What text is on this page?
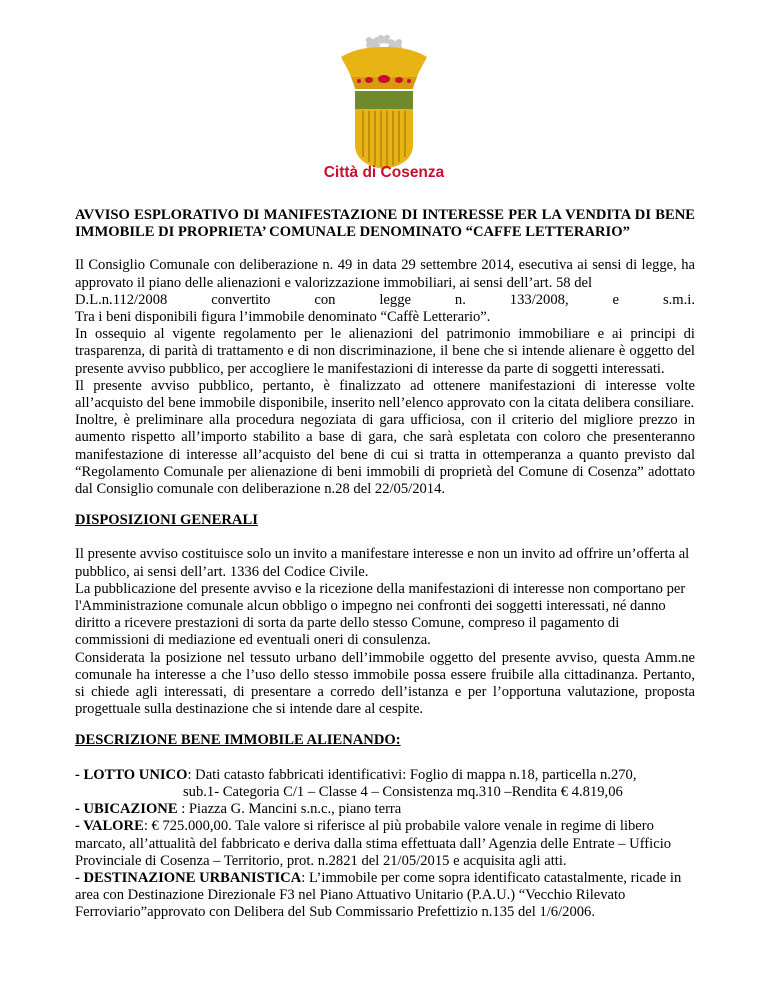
Città di Cosenza

AVVISO ESPLORATIVO DI MANIFESTAZIONE DI INTERESSE PER LA VENDITA DI BENE IMMOBILE DI PROPRIETA’ COMUNALE DENOMINATO “CAFFE LETTERARIO”

Il Consiglio Comunale con deliberazione n. 49 in data 29 settembre 2014, esecutiva ai sensi di legge, ha approvato il piano delle alienazioni e valorizzazione immobiliari, ai sensi dell’art. 58 del

D.L.n.112/2008 convertito con legge n. 133/2008, e s.m.i.

Tra i beni disponibili figura l’immobile denominato “Caffè Letterario”.

In ossequio al vigente regolamento per le alienazioni del patrimonio immobiliare e ai principi di trasparenza, di parità di trattamento e di non discriminazione, il bene che si intende alienare è oggetto del presente avviso pubblico, per accogliere le manifestazioni di interesse da parte di soggetti interessati.

Il presente avviso pubblico, pertanto, è finalizzato ad ottenere manifestazioni di interesse volte all’acquisto del bene immobile disponibile, inserito nell’elenco approvato con la citata delibera consiliare.

Inoltre, è preliminare alla procedura negoziata di gara ufficiosa, con il criterio del migliore prezzo in aumento rispetto all’importo stabilito a base di gara, che sarà espletata con coloro che presenteranno manifestazione di interesse all’acquisto del bene di cui si tratta in ottemperanza a quanto previsto dal “Regolamento Comunale per alienazione di beni immobili di proprietà del Comune di Cosenza” adottato dal Consiglio comunale con deliberazione n.28 del 22/05/2014.

DISPOSIZIONI GENERALI

Il presente avviso costituisce solo un invito a manifestare interesse e non un invito ad offrire un’offerta al pubblico, ai sensi dell’art. 1336 del Codice Civile.

La pubblicazione del presente avviso e la ricezione della manifestazioni di interesse non comportano per l'Amministrazione comunale alcun obbligo o impegno nei confronti dei soggetti interessati, né danno diritto a ricevere prestazioni di sorta da parte dello stesso Comune, compreso il pagamento di commissioni di mediazione ed eventuali oneri di consulenza.

Considerata la posizione nel tessuto urbano dell’immobile oggetto del presente avviso, questa Amm.ne comunale ha interesse a che l’uso dello stesso immobile possa essere fruibile alla cittadinanza. Pertanto, si chiede agli interessati, di presentare a corredo dell’istanza e per l’opportuna valutazione, proposta progettuale sulla destinazione che si intende dare al cespite.

DESCRIZIONE BENE IMMOBILE ALIENANDO:

- LOTTO UNICO: Dati catasto fabbricati identificativi: Foglio di mappa n.18, particella n.270,

sub.1- Categoria C/1 – Classe 4 – Consistenza mq.310 –Rendita € 4.819,06

- UBICAZIONE : Piazza G. Mancini s.n.c., piano terra

- VALORE: € 725.000,00. Tale valore si riferisce al più probabile valore venale in regime di libero marcato, all’attualità del fabbricato e deriva dalla stima effettuata dall’ Agenzia delle Entrate – Ufficio Provinciale di Cosenza – Territorio, prot. n.2821 del 21/05/2015 e acquisita agli atti.

- DESTINAZIONE URBANISTICA: L’immobile per come sopra identificato catastalmente, ricade in area con Destinazione Direzionale F3 nel Piano Attuativo Unitario (P.A.U.) “Vecchio Rilevato Ferroviario”approvato con Delibera del Sub Commissario Prefettizio n.135 del 1/6/2006.
